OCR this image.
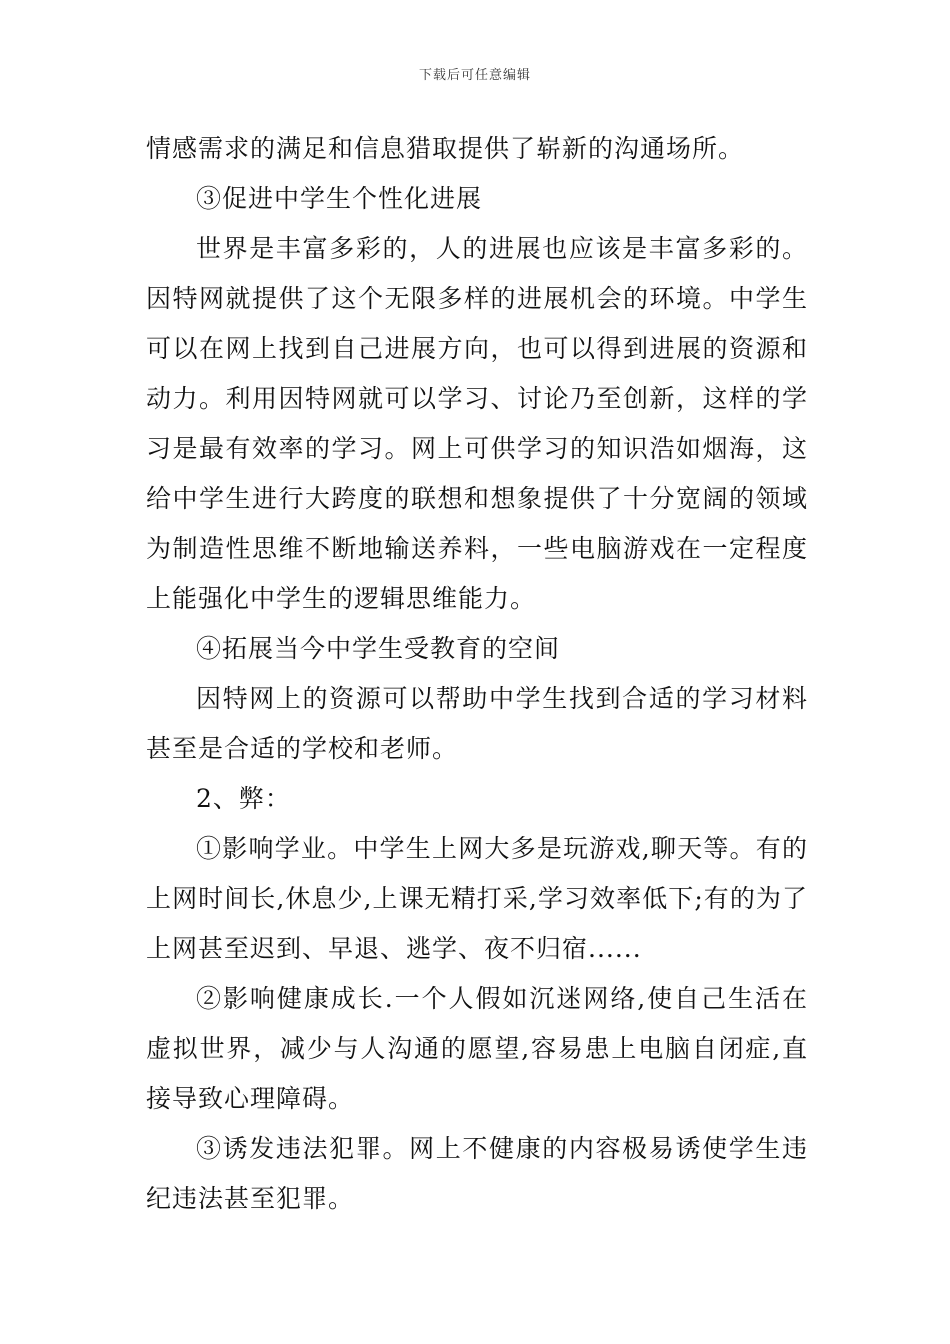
下载后可任意编辑

情感需求的满足和信息猎取提供了崭新的沟通场所。

③促进中学生个性化进展

世界是丰富多彩的，人的进展也应该是丰富多彩的。因特网就提供了这个无限多样的进展机会的环境。中学生可以在网上找到自己进展方向，也可以得到进展的资源和动力。利用因特网就可以学习、讨论乃至创新，这样的学习是最有效率的学习。网上可供学习的知识浩如烟海，这给中学生进行大跨度的联想和想象提供了十分宽阔的领域为制造性思维不断地输送养料，一些电脑游戏在一定程度上能强化中学生的逻辑思维能力。

④拓展当今中学生受教育的空间

因特网上的资源可以帮助中学生找到合适的学习材料甚至是合适的学校和老师。

2、弊：

①影响学业。中学生上网大多是玩游戏,聊天等。有的上网时间长,休息少,上课无精打采,学习效率低下;有的为了上网甚至迟到、早退、逃学、夜不归宿......

②影响健康成长.一个人假如沉迷网络,使自己生活在虚拟世界，减少与人沟通的愿望,容易患上电脑自闭症,直接导致心理障碍。

③诱发违法犯罪。网上不健康的内容极易诱使学生违纪违法甚至犯罪。
